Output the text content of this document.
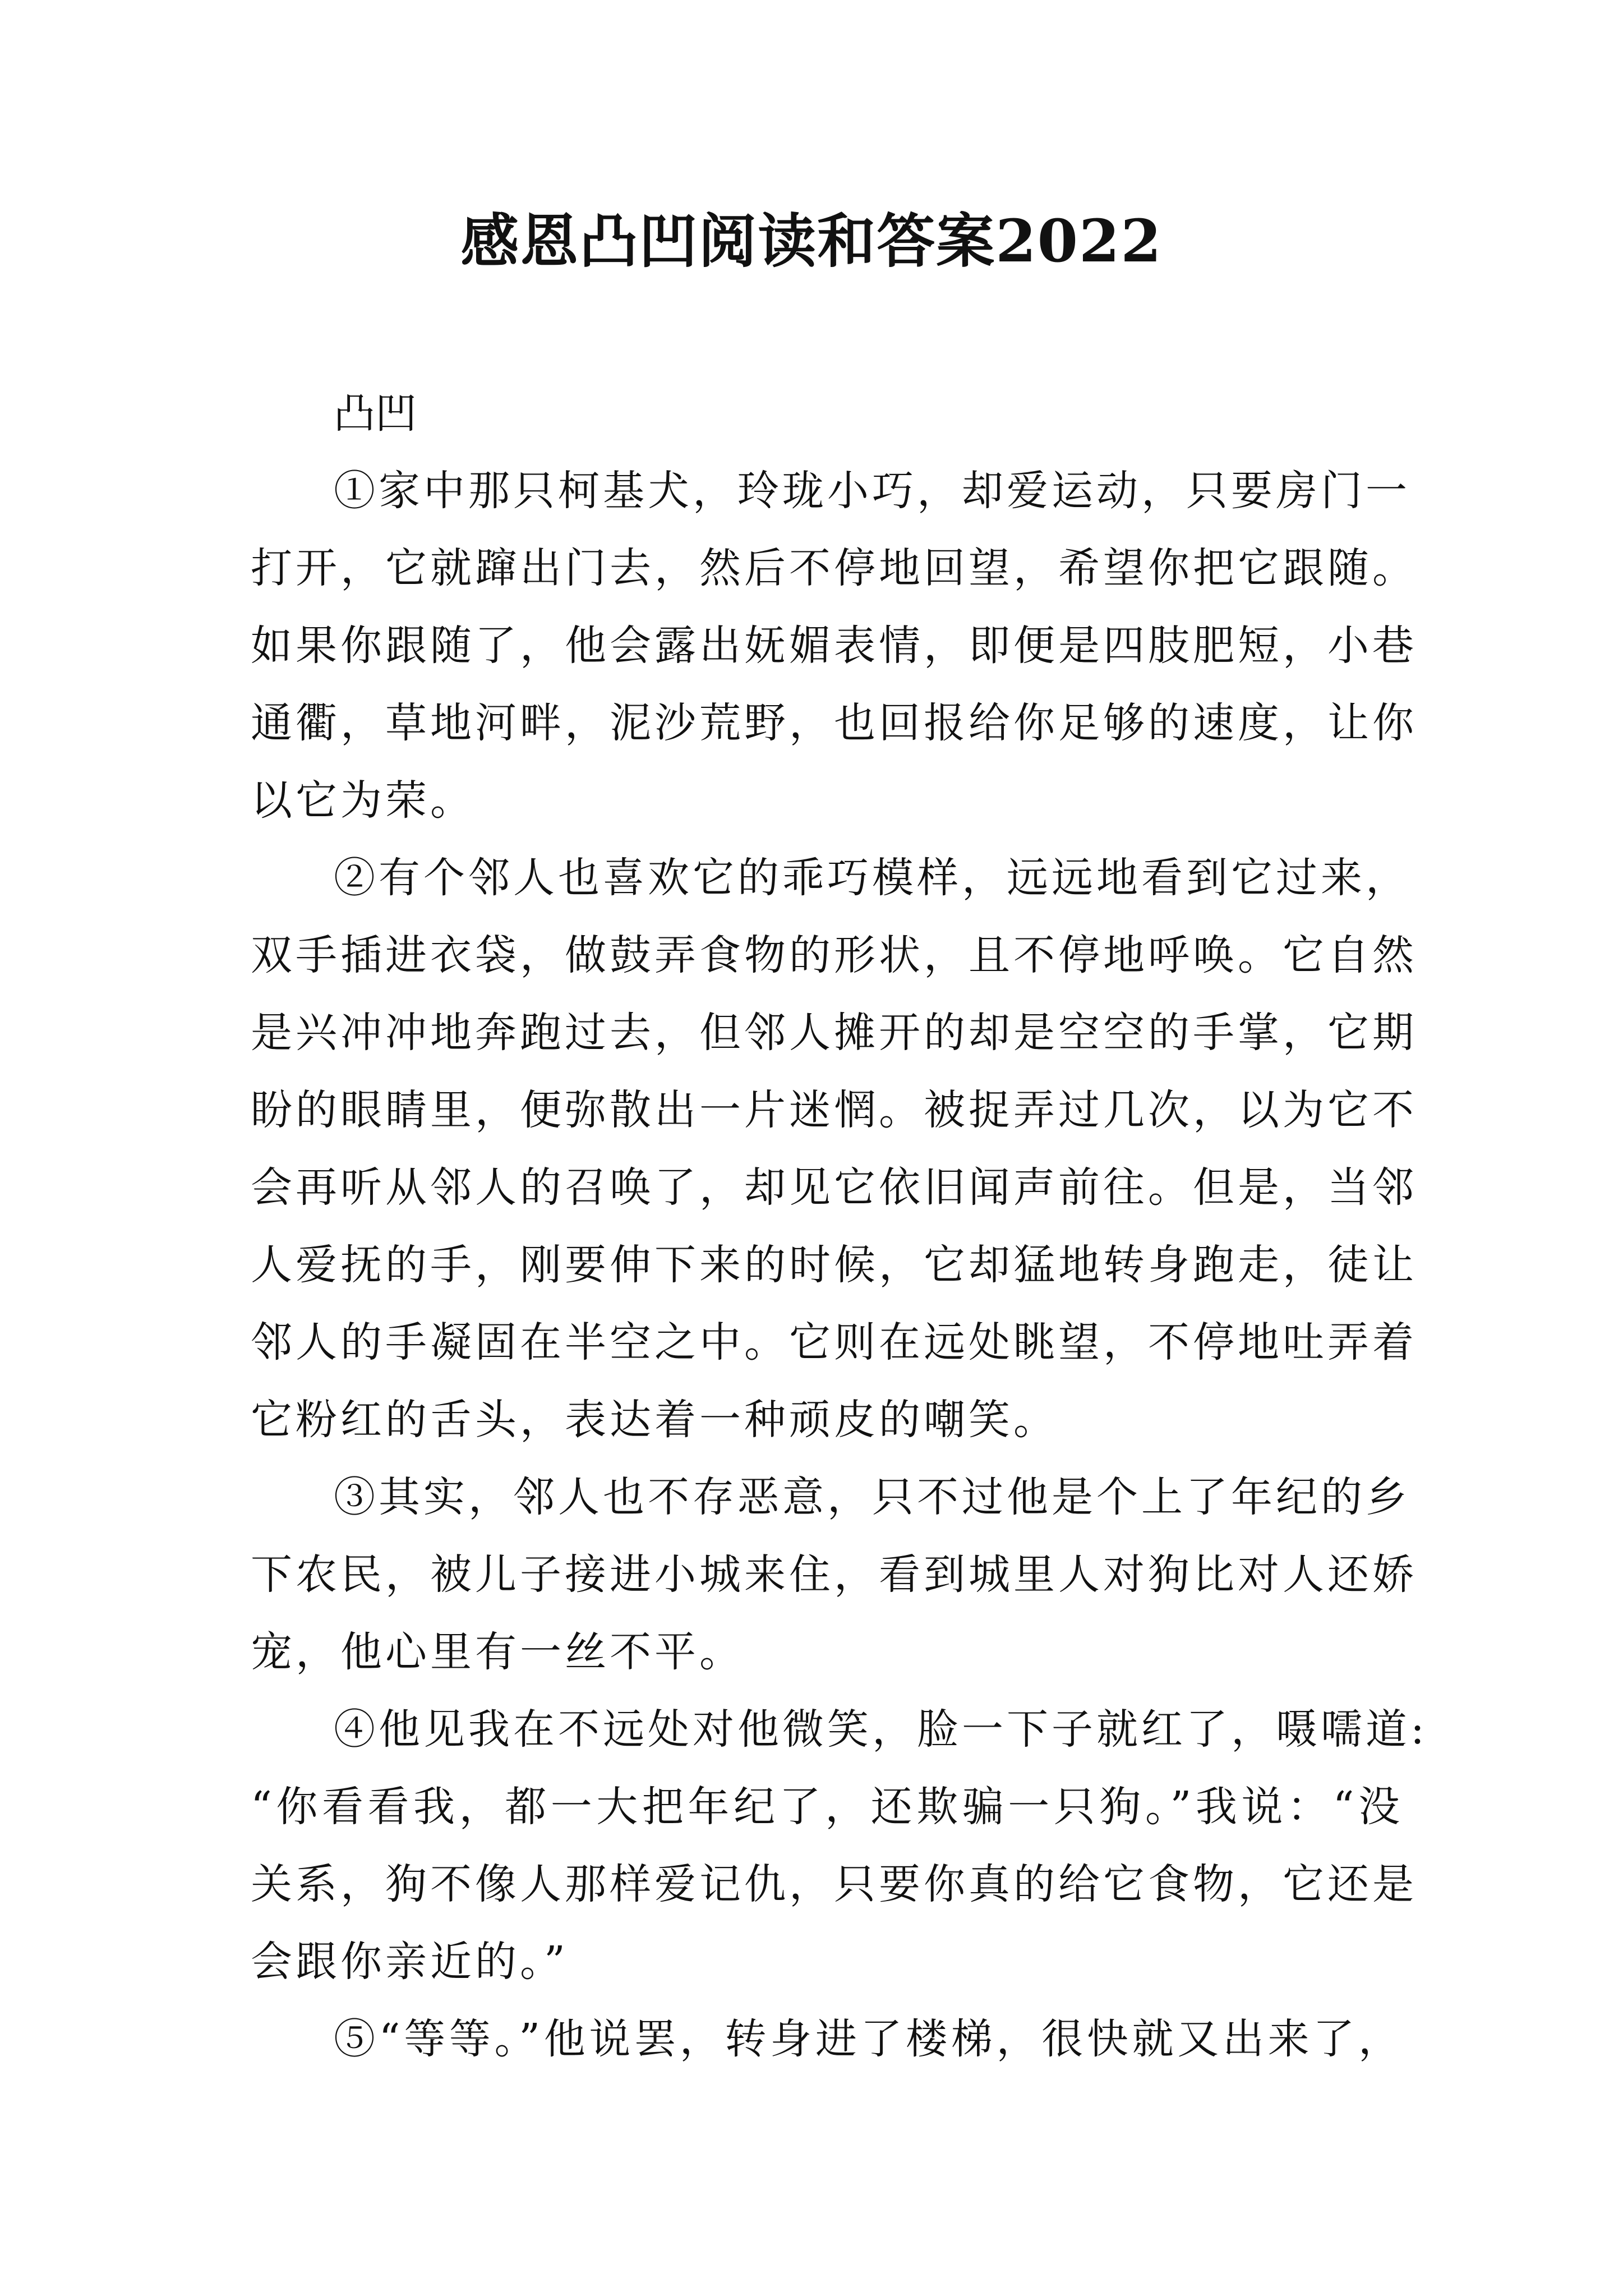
感恩凸凹阅读和答案2022
凸凹
①家中那只柯基犬，玲珑小巧，却爱运动，只要房门一
打开，它就蹿出门去，然后不停地回望，希望你把它跟随。
如果你跟随了，他会露出妩媚表情，即便是四肢肥短，小巷
通衢，草地河畔，泥沙荒野，也回报给你足够的速度，让你
以它为荣。
②有个邻人也喜欢它的乖巧模样，远远地看到它过来，
双手插进衣袋，做鼓弄食物的形状，且不停地呼唤。它自然
是兴冲冲地奔跑过去，但邻人摊开的却是空空的手掌，它期
盼的眼睛里，便弥散出一片迷惘。被捉弄过几次，以为它不
会再听从邻人的召唤了，却见它依旧闻声前往。但是，当邻
人爱抚的手，刚要伸下来的时候，它却猛地转身跑走，徒让
邻人的手凝固在半空之中。它则在远处眺望，不停地吐弄着
它粉红的舌头，表达着一种顽皮的嘲笑。
③其实，邻人也不存恶意，只不过他是个上了年纪的乡
下农民，被儿子接进小城来住，看到城里人对狗比对人还娇
宠，他心里有一丝不平。
④他见我在不远处对他微笑，脸一下子就红了，嗫嚅道:
“你看看我，都一大把年纪了，还欺骗一只狗。”我说：“没
关系，狗不像人那样爱记仇，只要你真的给它食物，它还是
会跟你亲近的。”
⑤“等等。”他说罢，转身进了楼梯，很快就又出来了，
